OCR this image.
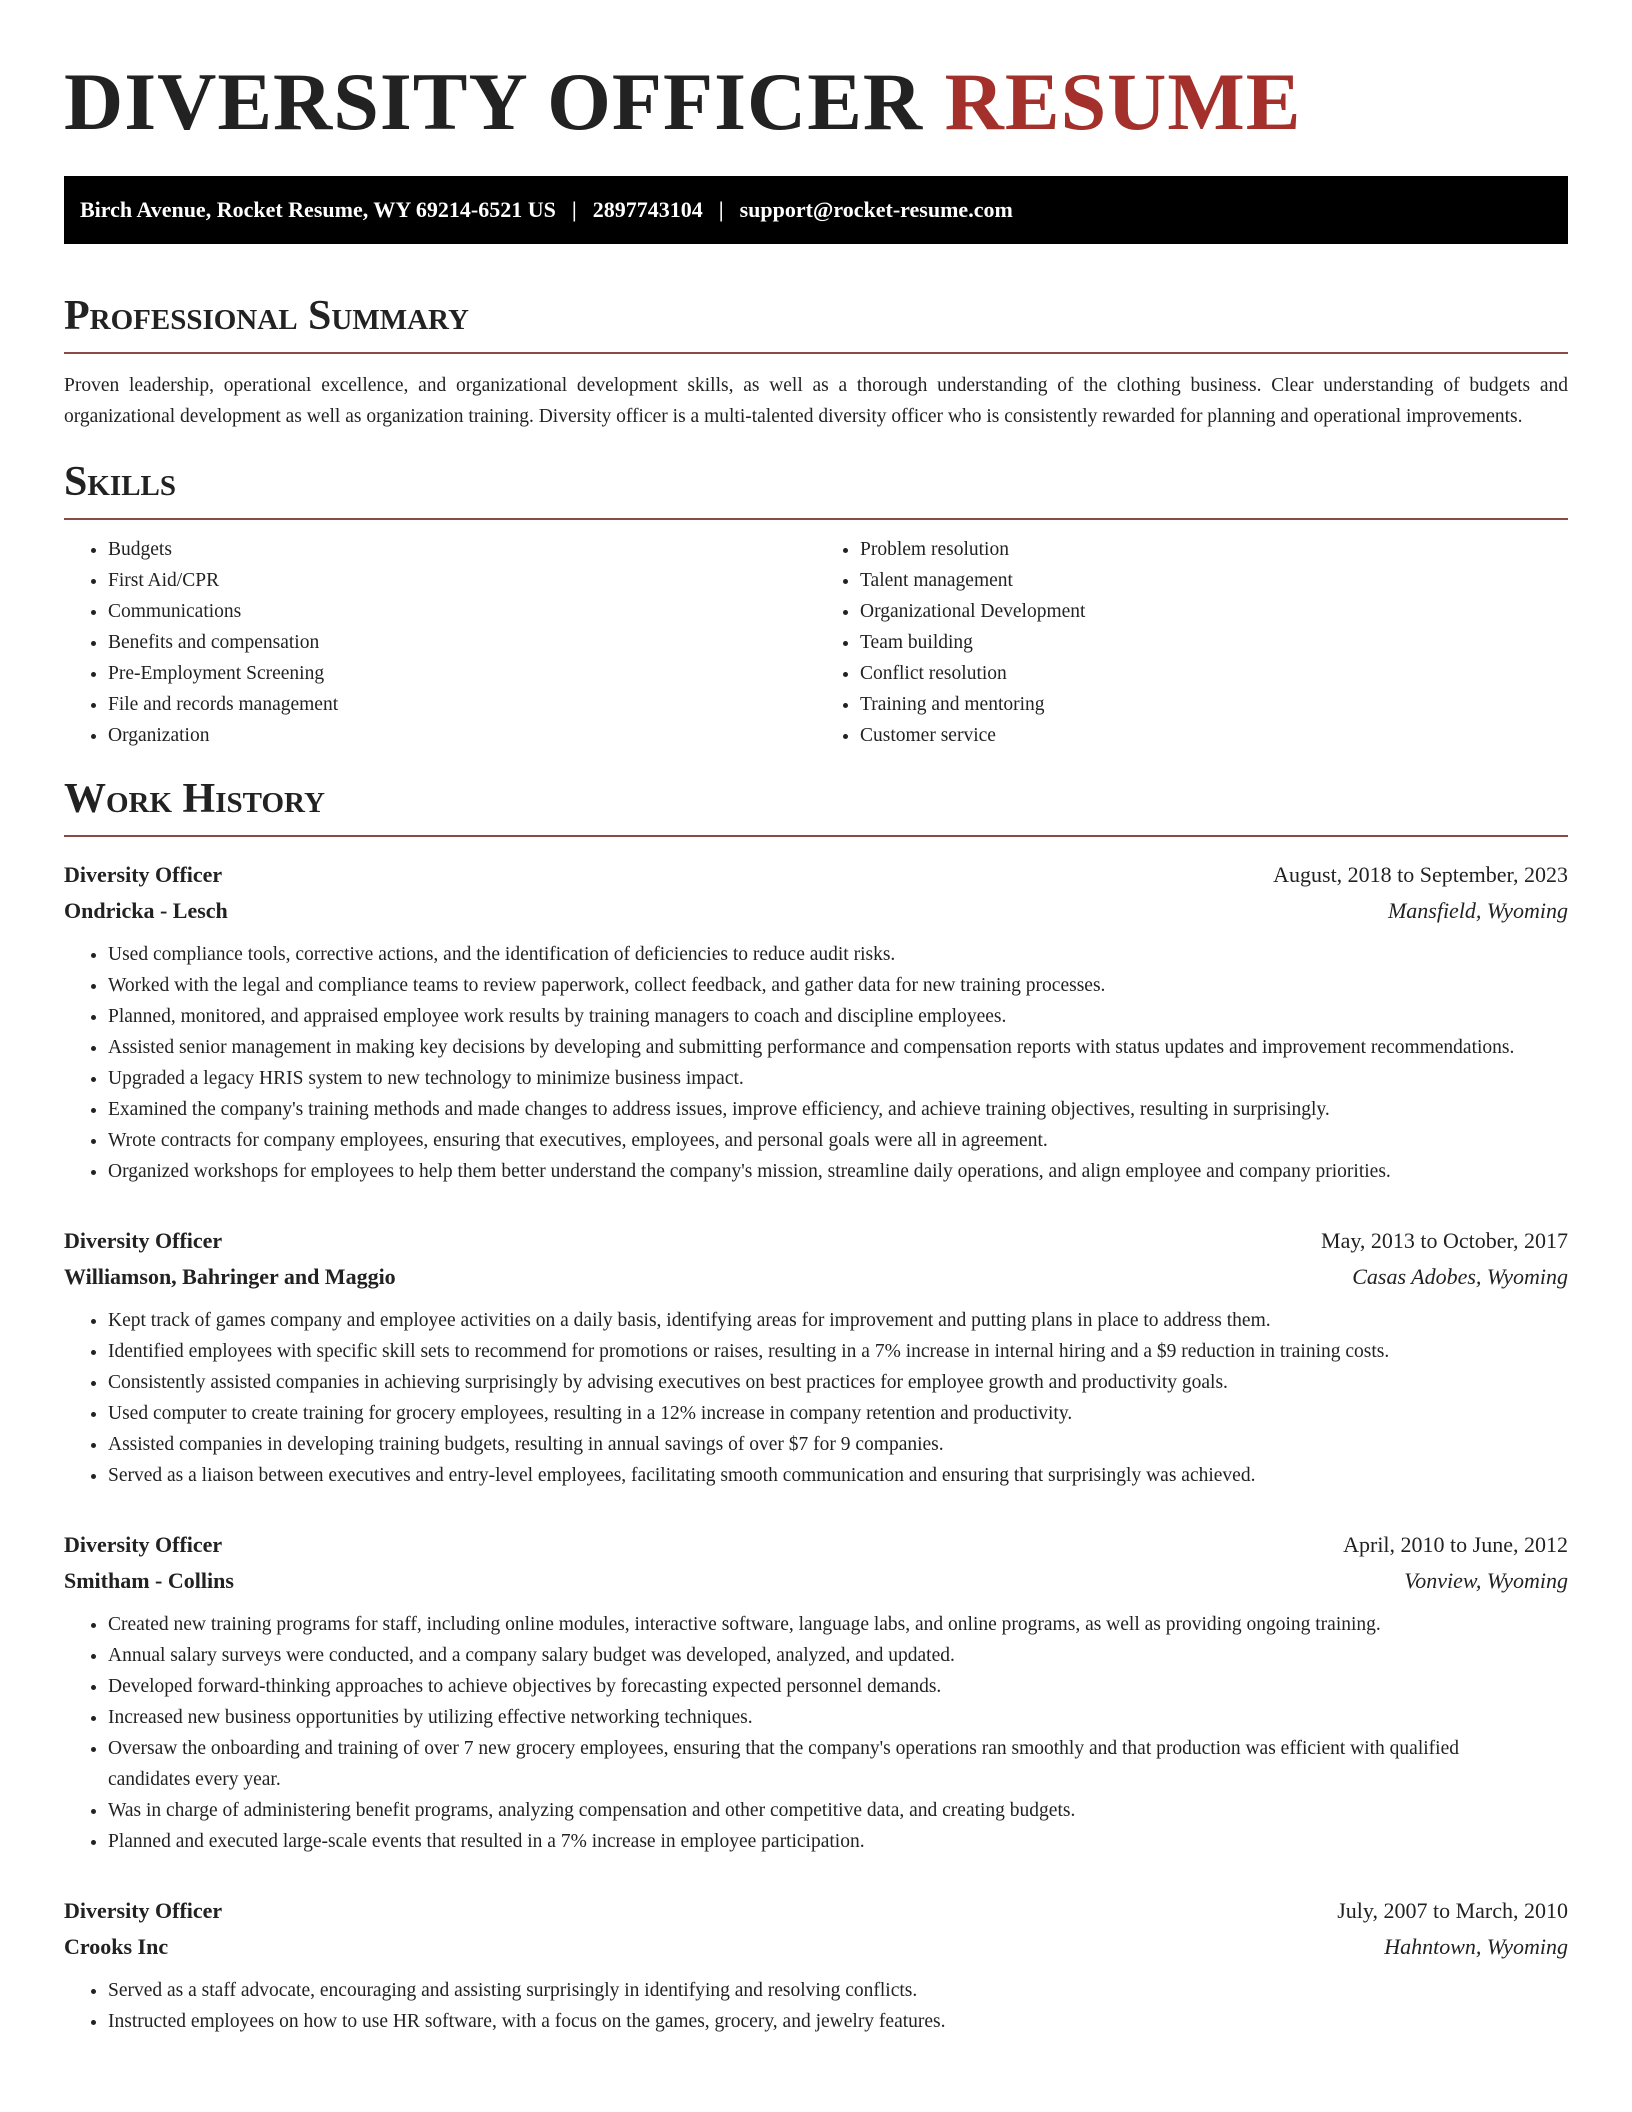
DIVERSITY OFFICER RESUME
Birch Avenue, Rocket Resume, WY 69214-6521 US | 2897743104 | support@rocket-resume.com
Professional Summary

Proven leadership, operational excellence, and organizational development skills, as well as a thorough understanding of the clothing business. Clear understanding of budgets and organizational development as well as organization training. Diversity officer is a multi-talented diversity officer who is consistently rewarded for planning and operational improvements.

Skills
• Budgets
• First Aid/CPR
• Communications
• Benefits and compensation
• Pre-Employment Screening
• File and records management
• Organization
• Problem resolution
• Talent management
• Organizational Development
• Team building
• Conflict resolution
• Training and mentoring
• Customer service
Work History
Diversity Officer	August, 2018 to September, 2023
Ondricka - Lesch	Mansfield, Wyoming
• Used compliance tools, corrective actions, and the identification of deficiencies to reduce audit risks.
• Worked with the legal and compliance teams to review paperwork, collect feedback, and gather data for new training processes.
• Planned, monitored, and appraised employee work results by training managers to coach and discipline employees.
• Assisted senior management in making key decisions by developing and submitting performance and compensation reports with status updates and improvement recommendations.
• Upgraded a legacy HRIS system to new technology to minimize business impact.
• Examined the company's training methods and made changes to address issues, improve efficiency, and achieve training objectives, resulting in surprisingly.
• Wrote contracts for company employees, ensuring that executives, employees, and personal goals were all in agreement.
• Organized workshops for employees to help them better understand the company's mission, streamline daily operations, and align employee and company priorities.
Diversity Officer	May, 2013 to October, 2017
Williamson, Bahringer and Maggio	Casas Adobes, Wyoming
• Kept track of games company and employee activities on a daily basis, identifying areas for improvement and putting plans in place to address them.
• Identified employees with specific skill sets to recommend for promotions or raises, resulting in a 7% increase in internal hiring and a $9 reduction in training costs.
• Consistently assisted companies in achieving surprisingly by advising executives on best practices for employee growth and productivity goals.
• Used computer to create training for grocery employees, resulting in a 12% increase in company retention and productivity.
• Assisted companies in developing training budgets, resulting in annual savings of over $7 for 9 companies.
• Served as a liaison between executives and entry-level employees, facilitating smooth communication and ensuring that surprisingly was achieved.
Diversity Officer	April, 2010 to June, 2012
Smitham - Collins	Vonview, Wyoming
• Created new training programs for staff, including online modules, interactive software, language labs, and online programs, as well as providing ongoing training.
• Annual salary surveys were conducted, and a company salary budget was developed, analyzed, and updated.
• Developed forward-thinking approaches to achieve objectives by forecasting expected personnel demands.
• Increased new business opportunities by utilizing effective networking techniques.
• Oversaw the onboarding and training of over 7 new grocery employees, ensuring that the company's operations ran smoothly and that production was efficient with qualified candidates every year.
• Was in charge of administering benefit programs, analyzing compensation and other competitive data, and creating budgets.
• Planned and executed large-scale events that resulted in a 7% increase in employee participation.
Diversity Officer	July, 2007 to March, 2010
Crooks Inc	Hahntown, Wyoming
• Served as a staff advocate, encouraging and assisting surprisingly in identifying and resolving conflicts.
• Instructed employees on how to use HR software, with a focus on the games, grocery, and jewelry features.
